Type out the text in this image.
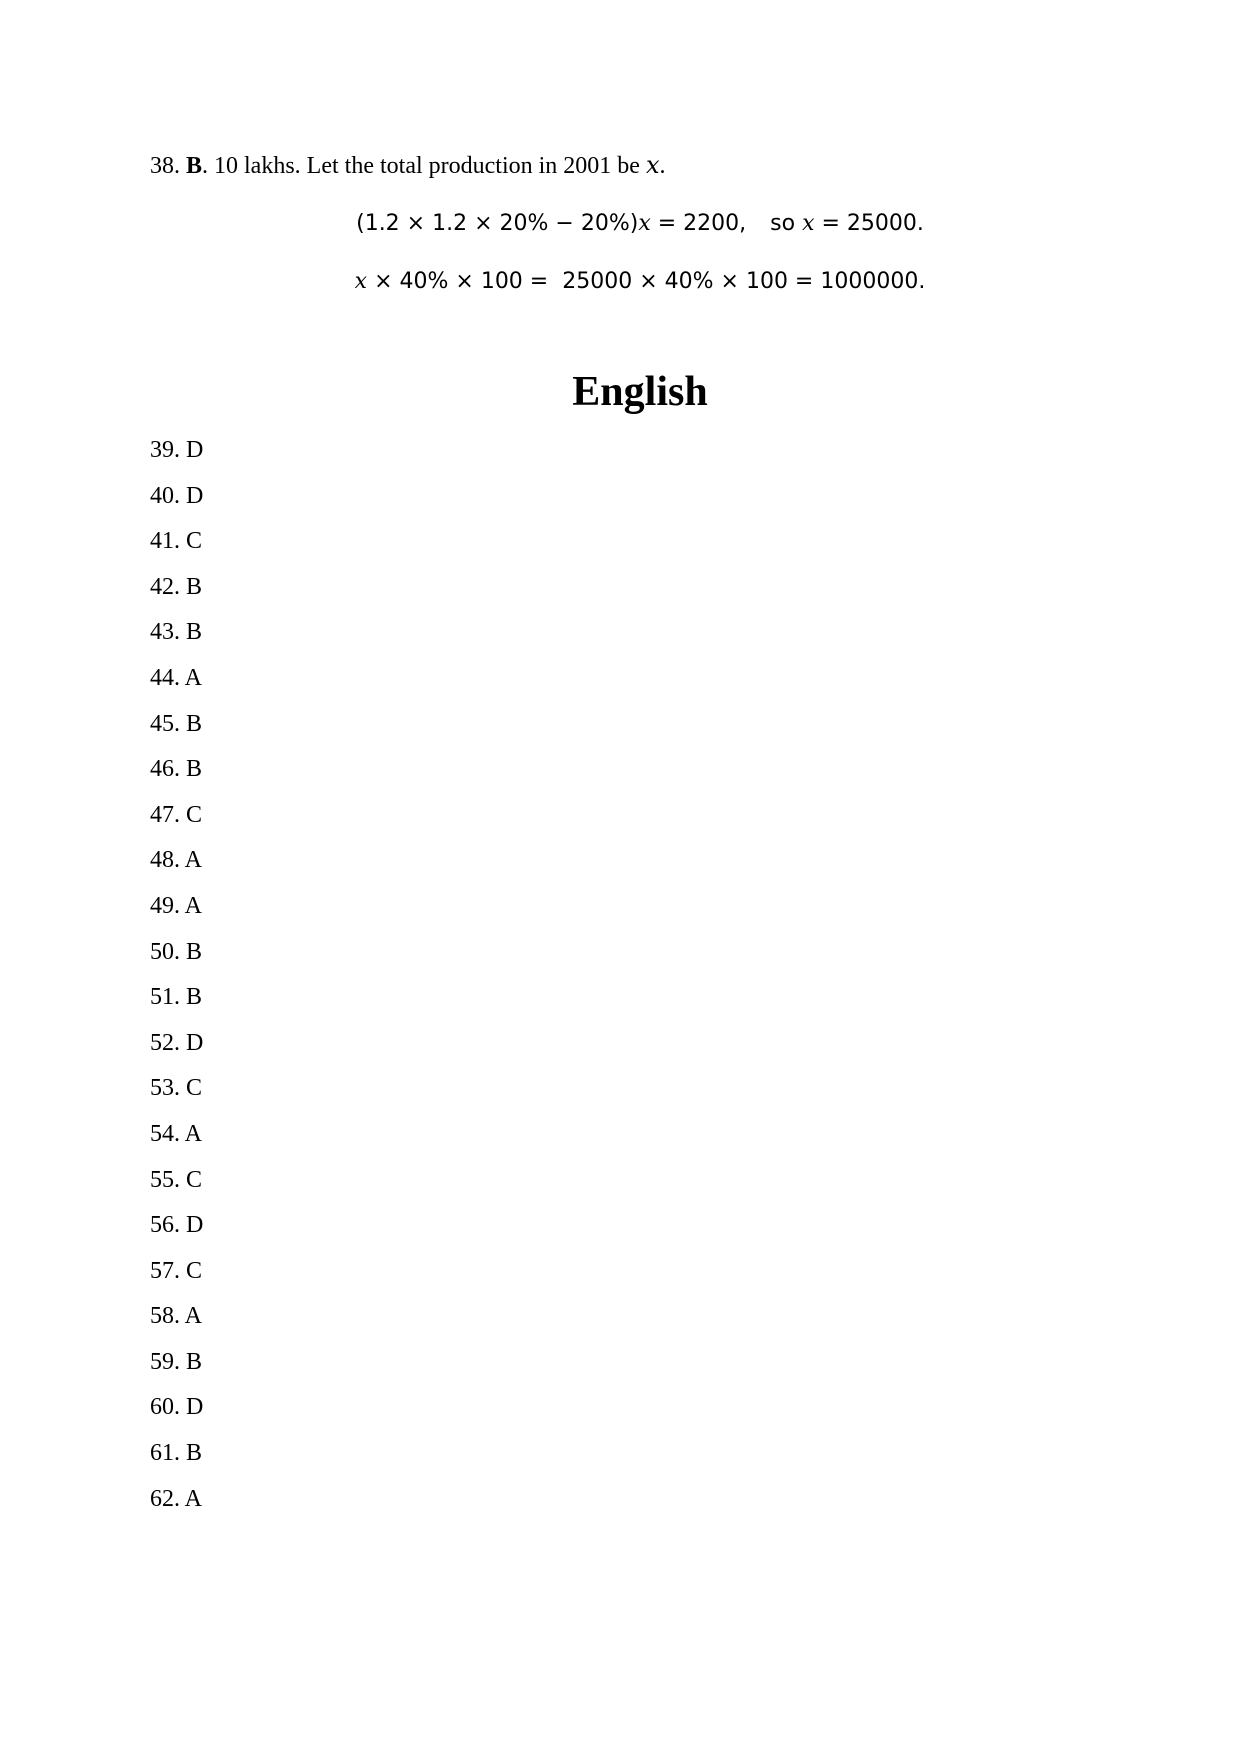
38. B. 10 lakhs. Let the total production in 2001 be x.
(1.2 × 1.2 × 20% − 20%)x = 2200, so x = 25000.
x × 40% × 100 =  25000 × 40% × 100 = 1000000.
English
39. D
40. D
41. C
42. B
43. B
44. A
45. B
46. B
47. C
48. A
49. A
50. B
51. B
52. D
53. C
54. A
55. C
56. D
57. C
58. A
59. B
60. D
61. B
62. A
